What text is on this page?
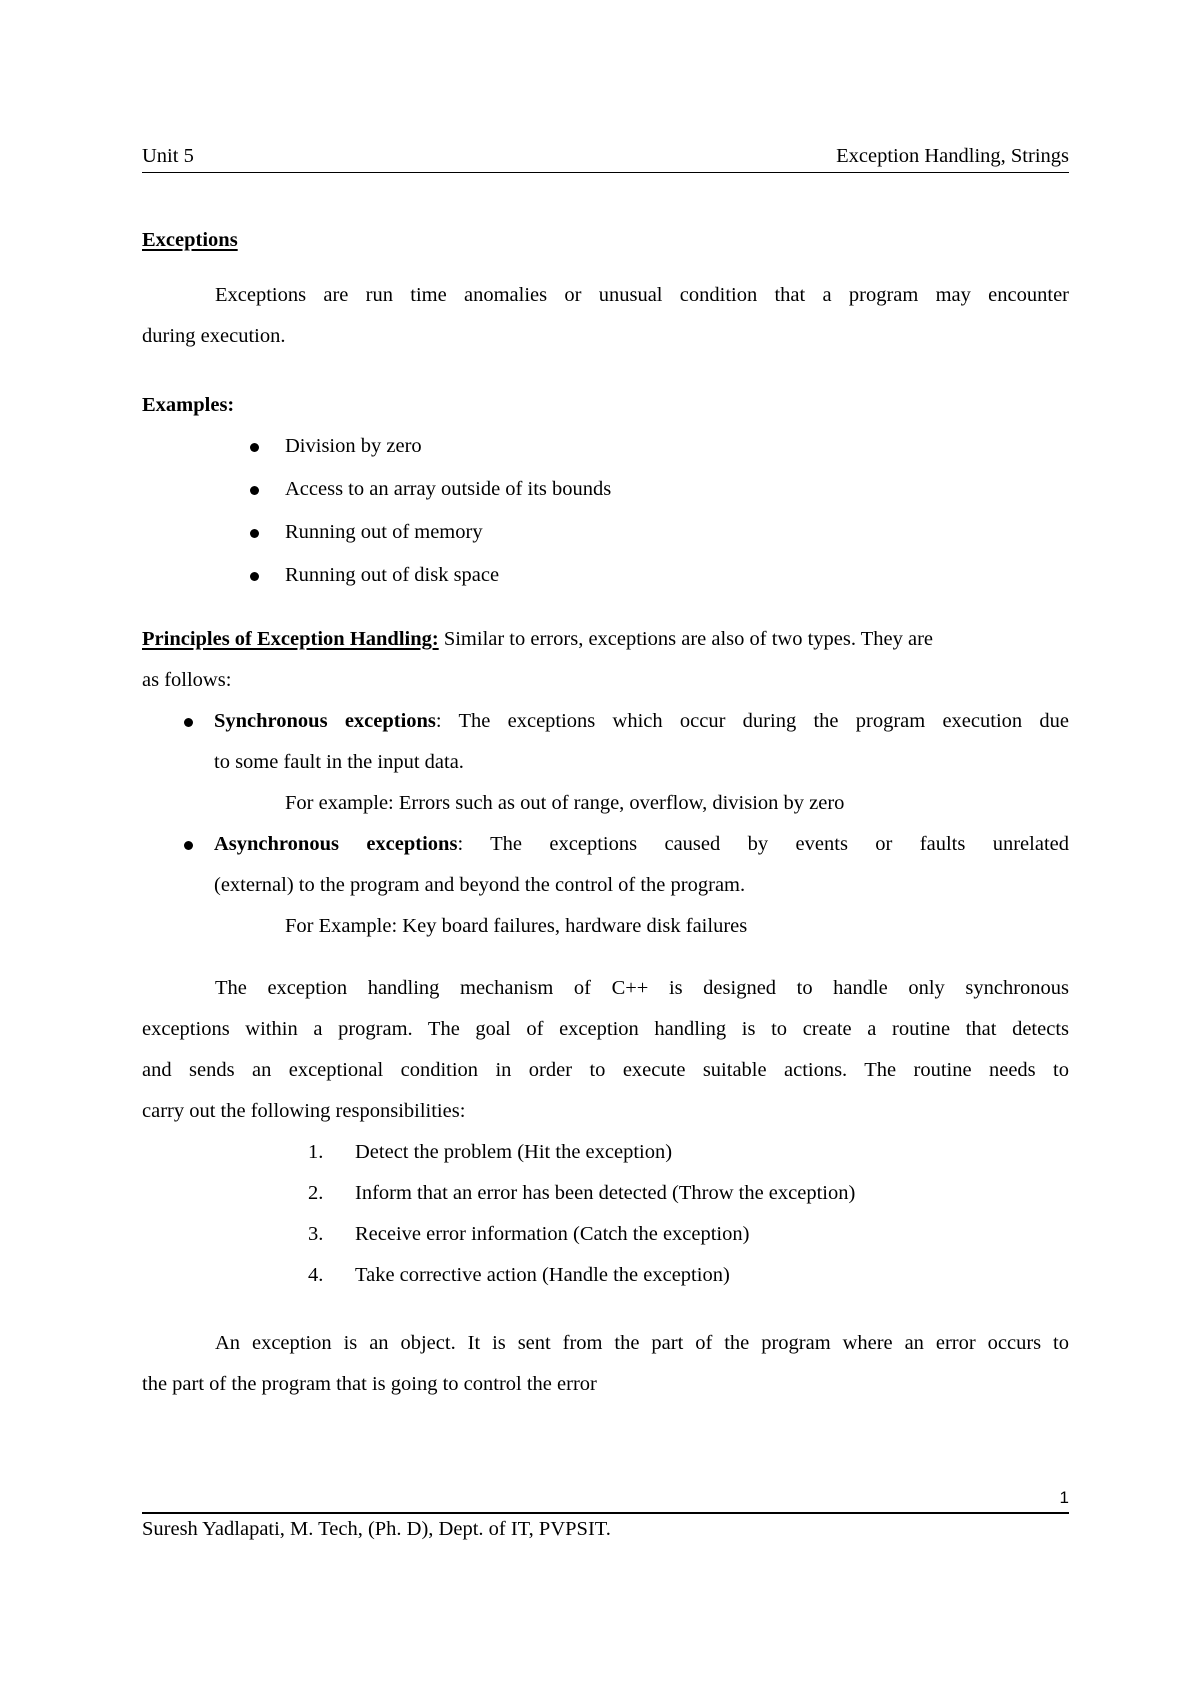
Unit 5	Exception Handling, Strings
Exceptions
Exceptions are run time anomalies or unusual condition that a program may encounter
during execution.
Examples:
Division by zero
Access to an array outside of its bounds
Running out of memory
Running out of disk space
Principles of Exception Handling: Similar to errors, exceptions are also of two types. They are
as follows:
Synchronous exceptions: The exceptions which occur during the program execution due
to some fault in the input data.
For example: Errors such as out of range, overflow, division by zero
Asynchronous exceptions: The exceptions caused by events or faults unrelated
(external) to the program and beyond the control of the program.
For Example: Key board failures, hardware disk failures
The exception handling mechanism of C++ is designed to handle only synchronous
exceptions within a program. The goal of exception handling is to create a routine that detects
and sends an exceptional condition in order to execute suitable actions. The routine needs to
carry out the following responsibilities:
1. Detect the problem (Hit the exception)
2. Inform that an error has been detected (Throw the exception)
3. Receive error information (Catch the exception)
4. Take corrective action (Handle the exception)
An exception is an object. It is sent from the part of the program where an error occurs to
the part of the program that is going to control the error
1
Suresh Yadlapati, M. Tech, (Ph. D), Dept. of IT, PVPSIT.
